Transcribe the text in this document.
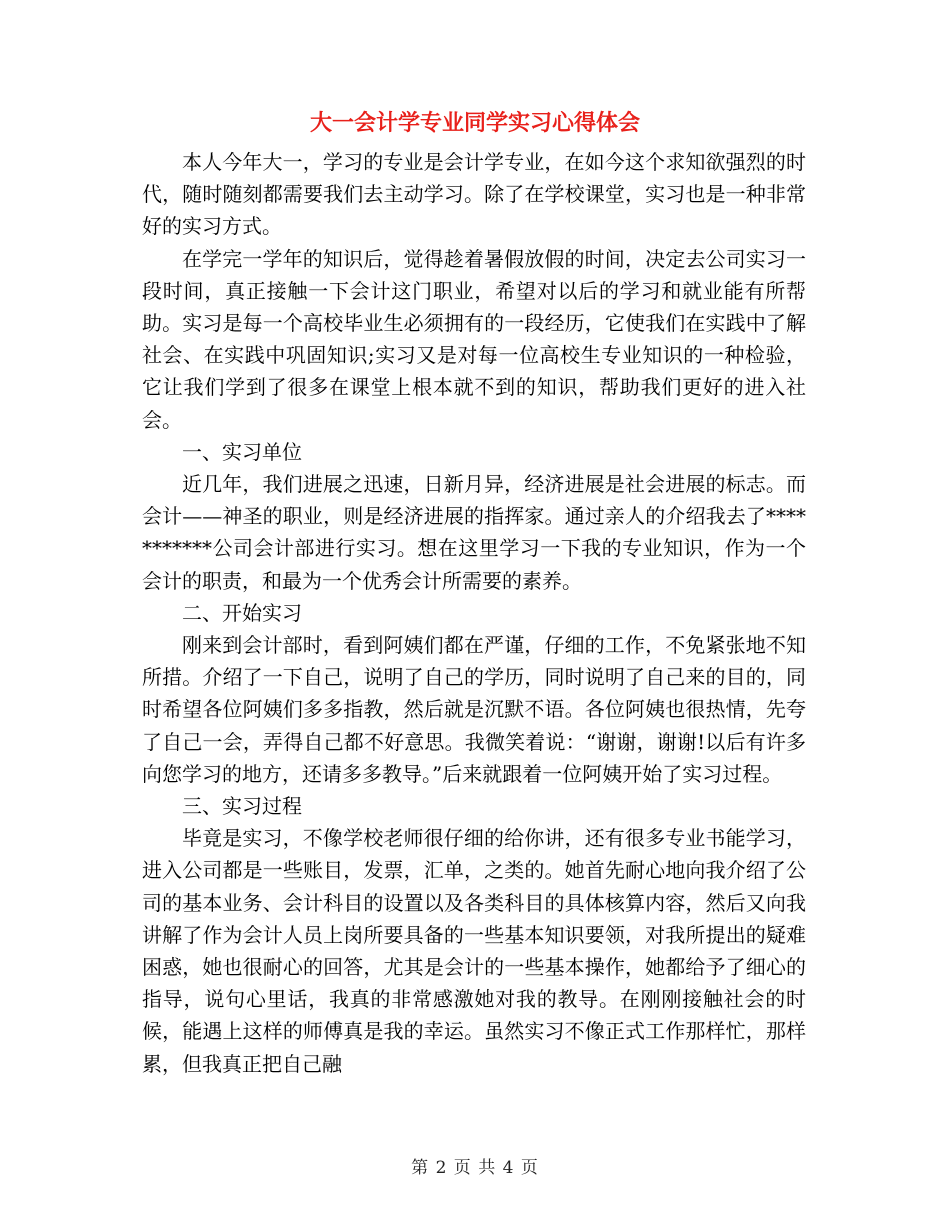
大一会计学专业同学实习心得体会

本人今年大一，学习的专业是会计学专业，在如今这个求知欲强烈的时代，随时随刻都需要我们去主动学习。除了在学校课堂，实习也是一种非常好的实习方式。

在学完一学年的知识后，觉得趁着暑假放假的时间，决定去公司实习一段时间，真正接触一下会计这门职业，希望对以后的学习和就业能有所帮助。实习是每一个高校毕业生必须拥有的一段经历，它使我们在实践中了解社会、在实践中巩固知识;实习又是对每一位高校生专业知识的一种检验，它让我们学到了很多在课堂上根本就不到的知识，帮助我们更好的进入社会。

一、实习单位

近几年，我们进展之迅速，日新月异，经济进展是社会进展的标志。而会计——神圣的职业，则是经济进展的指挥家。通过亲人的介绍我去了***********公司会计部进行实习。想在这里学习一下我的专业知识，作为一个会计的职责，和最为一个优秀会计所需要的素养。

二、开始实习

刚来到会计部时，看到阿姨们都在严谨，仔细的工作，不免紧张地不知所措。介绍了一下自己，说明了自己的学历，同时说明了自己来的目的，同时希望各位阿姨们多多指教，然后就是沉默不语。各位阿姨也很热情，先夸了自己一会，弄得自己都不好意思。我微笑着说：“谢谢，谢谢!以后有许多向您学习的地方，还请多多教导。”后来就跟着一位阿姨开始了实习过程。

三、实习过程

毕竟是实习，不像学校老师很仔细的给你讲，还有很多专业书能学习，进入公司都是一些账目，发票，汇单，之类的。她首先耐心地向我介绍了公司的基本业务、会计科目的设置以及各类科目的具体核算内容，然后又向我讲解了作为会计人员上岗所要具备的一些基本知识要领，对我所提出的疑难困惑，她也很耐心的回答，尤其是会计的一些基本操作，她都给予了细心的指导，说句心里话，我真的非常感激她对我的教导。在刚刚接触社会的时候，能遇上这样的师傅真是我的幸运。虽然实习不像正式工作那样忙，那样累，但我真正把自己融

第 2 页 共 4 页
